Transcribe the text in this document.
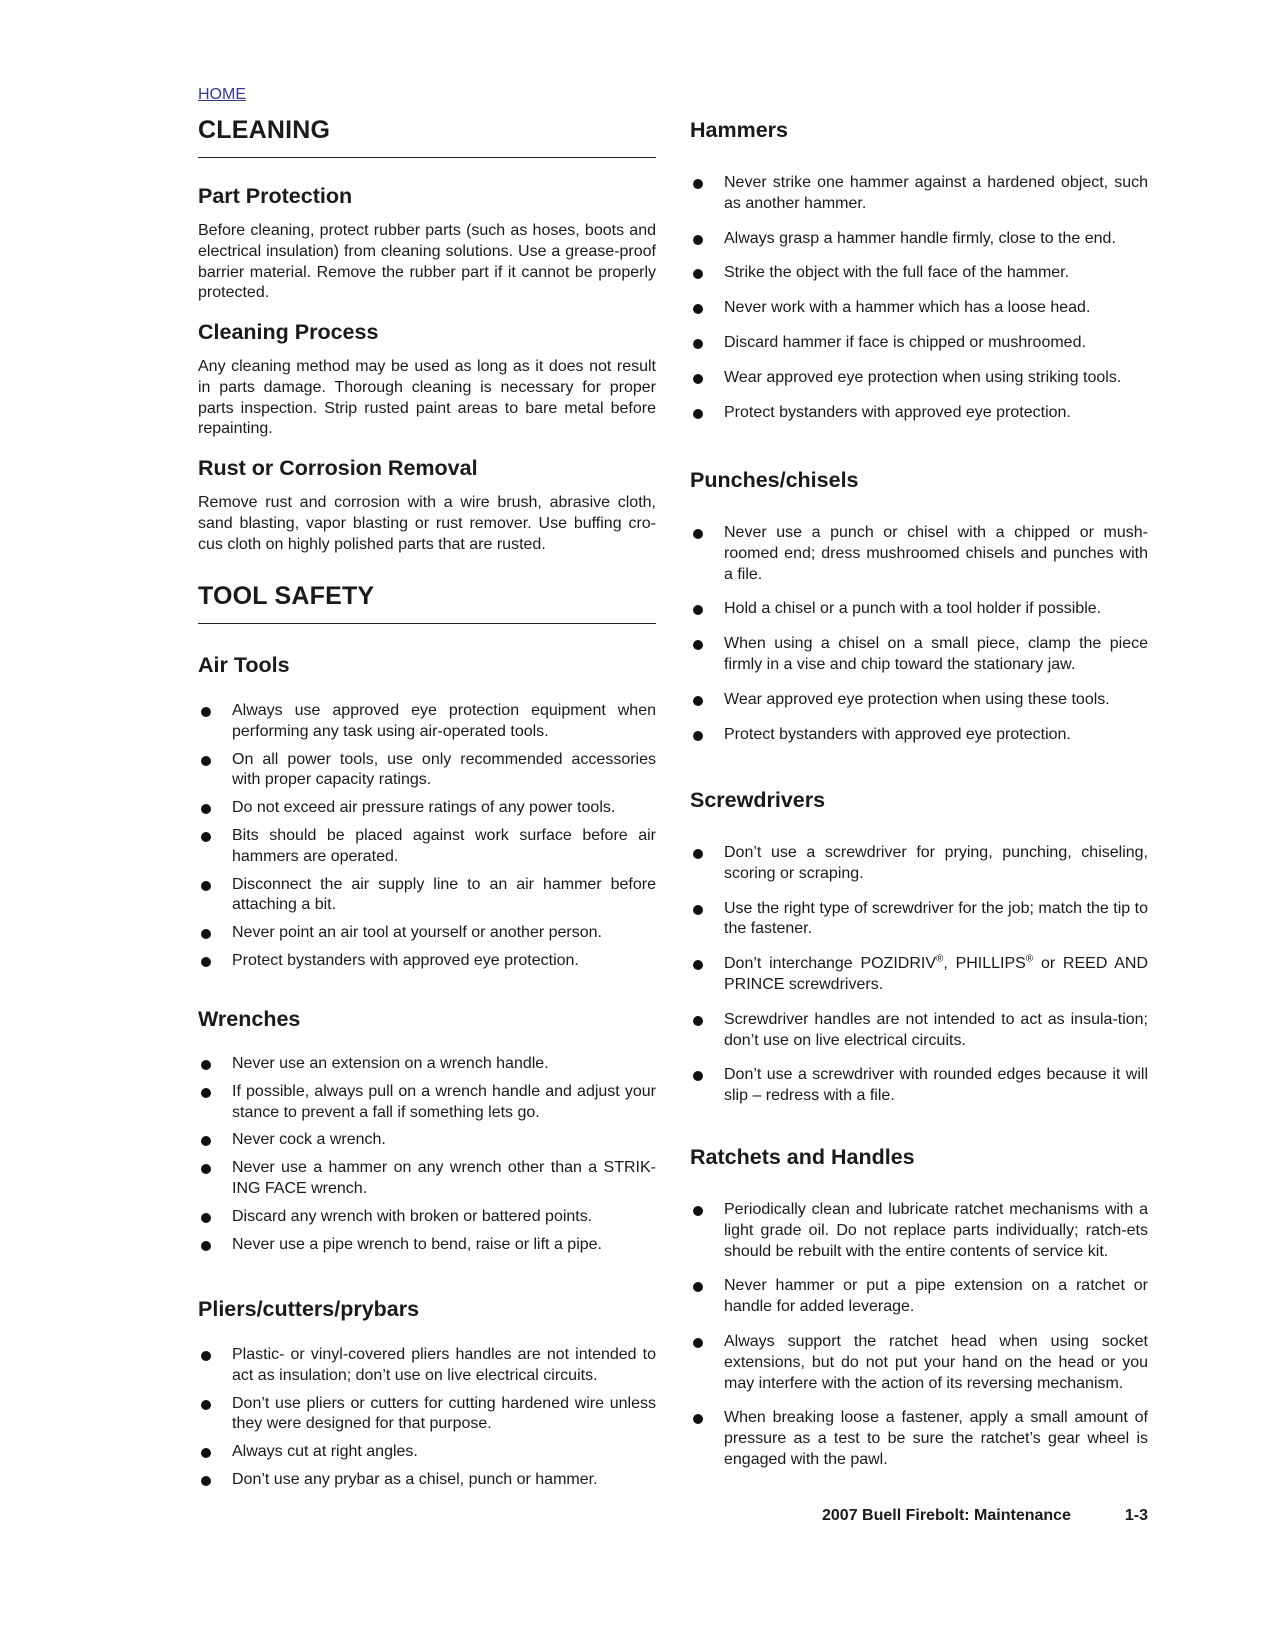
HOME
CLEANING
Part Protection
Before cleaning, protect rubber parts (such as hoses, boots and electrical insulation) from cleaning solutions. Use a grease-proof barrier material. Remove the rubber part if it cannot be properly protected.
Cleaning Process
Any cleaning method may be used as long as it does not result in parts damage. Thorough cleaning is necessary for proper parts inspection. Strip rusted paint areas to bare metal before repainting.
Rust or Corrosion Removal
Remove rust and corrosion with a wire brush, abrasive cloth, sand blasting, vapor blasting or rust remover. Use buffing cro-cus cloth on highly polished parts that are rusted.
TOOL SAFETY
Air Tools
Always use approved eye protection equipment when performing any task using air-operated tools.
On all power tools, use only recommended accessories with proper capacity ratings.
Do not exceed air pressure ratings of any power tools.
Bits should be placed against work surface before air hammers are operated.
Disconnect the air supply line to an air hammer before attaching a bit.
Never point an air tool at yourself or another person.
Protect bystanders with approved eye protection.
Wrenches
Never use an extension on a wrench handle.
If possible, always pull on a wrench handle and adjust your stance to prevent a fall if something lets go.
Never cock a wrench.
Never use a hammer on any wrench other than a STRIK-ING FACE wrench.
Discard any wrench with broken or battered points.
Never use a pipe wrench to bend, raise or lift a pipe.
Pliers/cutters/prybars
Plastic- or vinyl-covered pliers handles are not intended to act as insulation; don’t use on live electrical circuits.
Don’t use pliers or cutters for cutting hardened wire unless they were designed for that purpose.
Always cut at right angles.
Don’t use any prybar as a chisel, punch or hammer.
Hammers
Never strike one hammer against a hardened object, such as another hammer.
Always grasp a hammer handle firmly, close to the end.
Strike the object with the full face of the hammer.
Never work with a hammer which has a loose head.
Discard hammer if face is chipped or mushroomed.
Wear approved eye protection when using striking tools.
Protect bystanders with approved eye protection.
Punches/chisels
Never use a punch or chisel with a chipped or mush-roomed end; dress mushroomed chisels and punches with a file.
Hold a chisel or a punch with a tool holder if possible.
When using a chisel on a small piece, clamp the piece firmly in a vise and chip toward the stationary jaw.
Wear approved eye protection when using these tools.
Protect bystanders with approved eye protection.
Screwdrivers
Don’t use a screwdriver for prying, punching, chiseling, scoring or scraping.
Use the right type of screwdriver for the job; match the tip to the fastener.
Don’t interchange POZIDRIV®, PHILLIPS® or REED AND PRINCE screwdrivers.
Screwdriver handles are not intended to act as insula-tion; don’t use on live electrical circuits.
Don’t use a screwdriver with rounded edges because it will slip – redress with a file.
Ratchets and Handles
Periodically clean and lubricate ratchet mechanisms with a light grade oil. Do not replace parts individually; ratch-ets should be rebuilt with the entire contents of service kit.
Never hammer or put a pipe extension on a ratchet or handle for added leverage.
Always support the ratchet head when using socket extensions, but do not put your hand on the head or you may interfere with the action of its reversing mechanism.
When breaking loose a fastener, apply a small amount of pressure as a test to be sure the ratchet’s gear wheel is engaged with the pawl.
2007 Buell Firebolt: Maintenance	1-3
